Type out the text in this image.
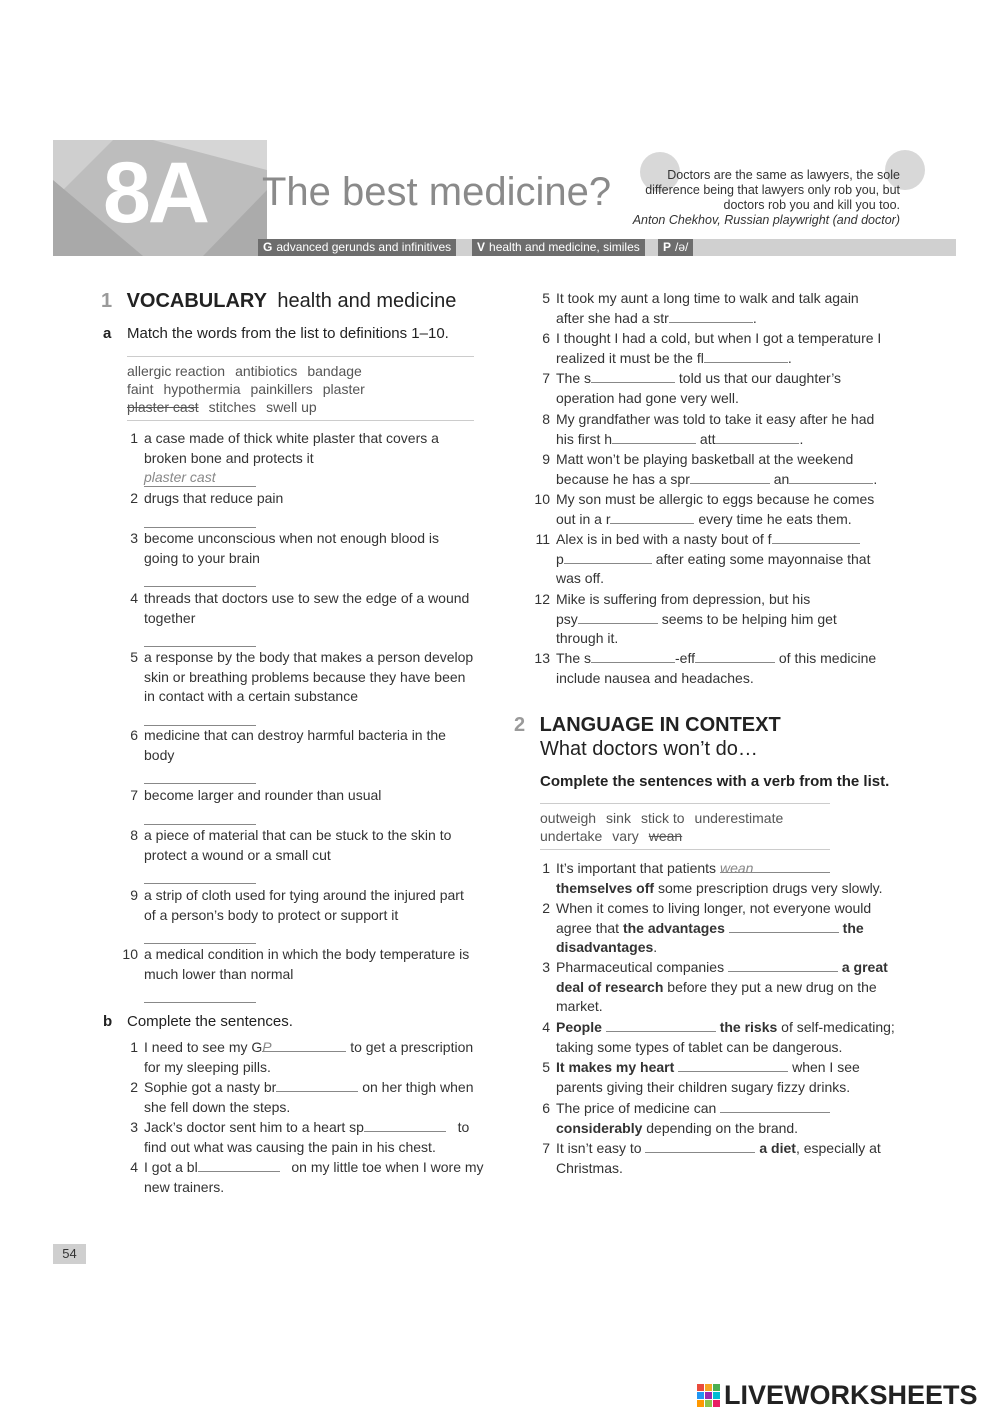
8A The best medicine?	Doctors are the same as lawyers, the sole difference being that lawyers only rob you, but doctors rob you and kill you too.
Anton Chekhov, Russian playwright (and doctor)
G advanced gerunds and infinitives	V health and medicine, similes	P /ə/
1 VOCABULARY health and medicine
a Match the words from the list to definitions 1–10.
allergic reaction antibiotics bandage
faint hypothermia painkillers plaster
plaster cast stitches swell up
1 a case made of thick white plaster that covers a
broken bone and protects it
plaster cast
2 drugs that reduce pain
3 become unconscious when not enough blood is
going to your brain
4 threads that doctors use to sew the edge of a wound
together
5 a response by the body that makes a person develop
skin or breathing problems because they have been
in contact with a certain substance
6 medicine that can destroy harmful bacteria in the
body
7 become larger and rounder than usual
8 a piece of material that can be stuck to the skin to
protect a wound or a small cut
9 a strip of cloth used for tying around the injured part
of a person’s body to protect or support it
10 a medical condition in which the body temperature is
much lower than normal
b Complete the sentences.
1 I need to see my GP	to get a prescription
for my sleeping pills.
2 Sophie got a nasty br	on her thigh when
she fell down the steps.
3 Jack’s doctor sent him to a heart sp	to
find out what was causing the pain in his chest.
4 I got a bl	on my little toe when I wore my
new trainers.
5 It took my aunt a long time to walk and talk again
after she had a str	.
6 I thought I had a cold, but when I got a temperature I
realized it must be the fl	.
7 The s	told us that our daughter’s
operation had gone very well.
8 My grandfather was told to take it easy after he had
his first h	att	.
9 Matt won’t be playing basketball at the weekend
because he has a spr	an	.
10 My son must be allergic to eggs because he comes
out in a r	every time he eats them.
11 Alex is in bed with a nasty bout of f
p	after eating some mayonnaise that
was off.
12 Mike is suffering from depression, but his
psy	seems to be helping him get
through it.
13 The s	-eff	of this medicine
include nausea and headaches.
2 LANGUAGE IN CONTEXT
What doctors won’t do…
Complete the sentences with a verb from the list.
outweigh sink stick to underestimate
undertake vary wean
1 It’s important that patients wean
themselves off some prescription drugs very slowly.
2 When it comes to living longer, not everyone would
agree that the advantages	the
disadvantages.
3 Pharmaceutical companies	a great
deal of research before they put a new drug on the
market.
4 People	the risks of self-medicating;
taking some types of tablet can be dangerous.
5 It makes my heart	when I see
parents giving their children sugary fizzy drinks.
6 The price of medicine can
considerably depending on the brand.
7 It isn’t easy to	a diet, especially at
Christmas.
54
LIVEWORKSHEETS
